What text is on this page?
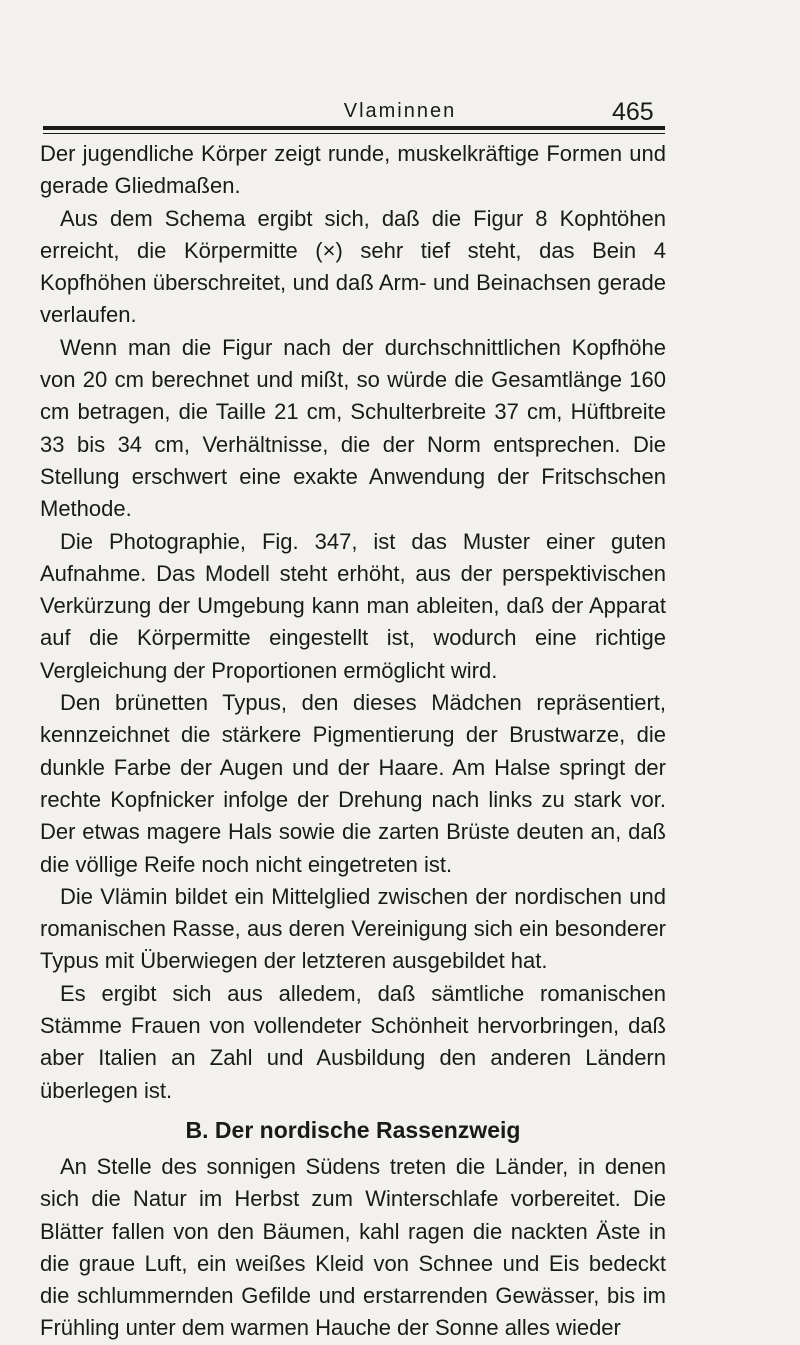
Vlaminnen	465

Der jugendliche Körper zeigt runde, muskelkräftige Formen und gerade Gliedmaßen.

Aus dem Schema ergibt sich, daß die Figur 8 Kophtöhen erreicht, die Körpermitte (×) sehr tief steht, das Bein 4 Kopfhöhen überschreitet, und daß Arm- und Beinachsen gerade verlaufen.

Wenn man die Figur nach der durchschnittlichen Kopfhöhe von 20 cm berechnet und mißt, so würde die Gesamtlänge 160 cm betragen, die Taille 21 cm, Schulterbreite 37 cm, Hüftbreite 33 bis 34 cm, Verhältnisse, die der Norm entsprechen. Die Stellung erschwert eine exakte Anwendung der Fritschschen Methode.

Die Photographie, Fig. 347, ist das Muster einer guten Aufnahme. Das Modell steht erhöht, aus der perspektivischen Verkürzung der Umgebung kann man ableiten, daß der Apparat auf die Körpermitte eingestellt ist, wodurch eine richtige Vergleichung der Proportionen ermöglicht wird.

Den brünetten Typus, den dieses Mädchen repräsentiert, kennzeichnet die stärkere Pigmentierung der Brustwarze, die dunkle Farbe der Augen und der Haare. Am Halse springt der rechte Kopfnicker infolge der Drehung nach links zu stark vor. Der etwas magere Hals sowie die zarten Brüste deuten an, daß die völlige Reife noch nicht eingetreten ist.

Die Vlämin bildet ein Mittelglied zwischen der nordischen und romanischen Rasse, aus deren Vereinigung sich ein besonderer Typus mit Überwiegen der letzteren ausgebildet hat.

Es ergibt sich aus alledem, daß sämtliche romanischen Stämme Frauen von vollendeter Schönheit hervorbringen, daß aber Italien an Zahl und Ausbildung den anderen Ländern überlegen ist.

B. Der nordische Rassenzweig

An Stelle des sonnigen Südens treten die Länder, in denen sich die Natur im Herbst zum Winterschlafe vorbereitet. Die Blätter fallen von den Bäumen, kahl ragen die nackten Äste in die graue Luft, ein weißes Kleid von Schnee und Eis bedeckt die schlummernden Gefilde und erstarrenden Gewässer, bis im Frühling unter dem warmen Hauche der Sonne alles wieder
